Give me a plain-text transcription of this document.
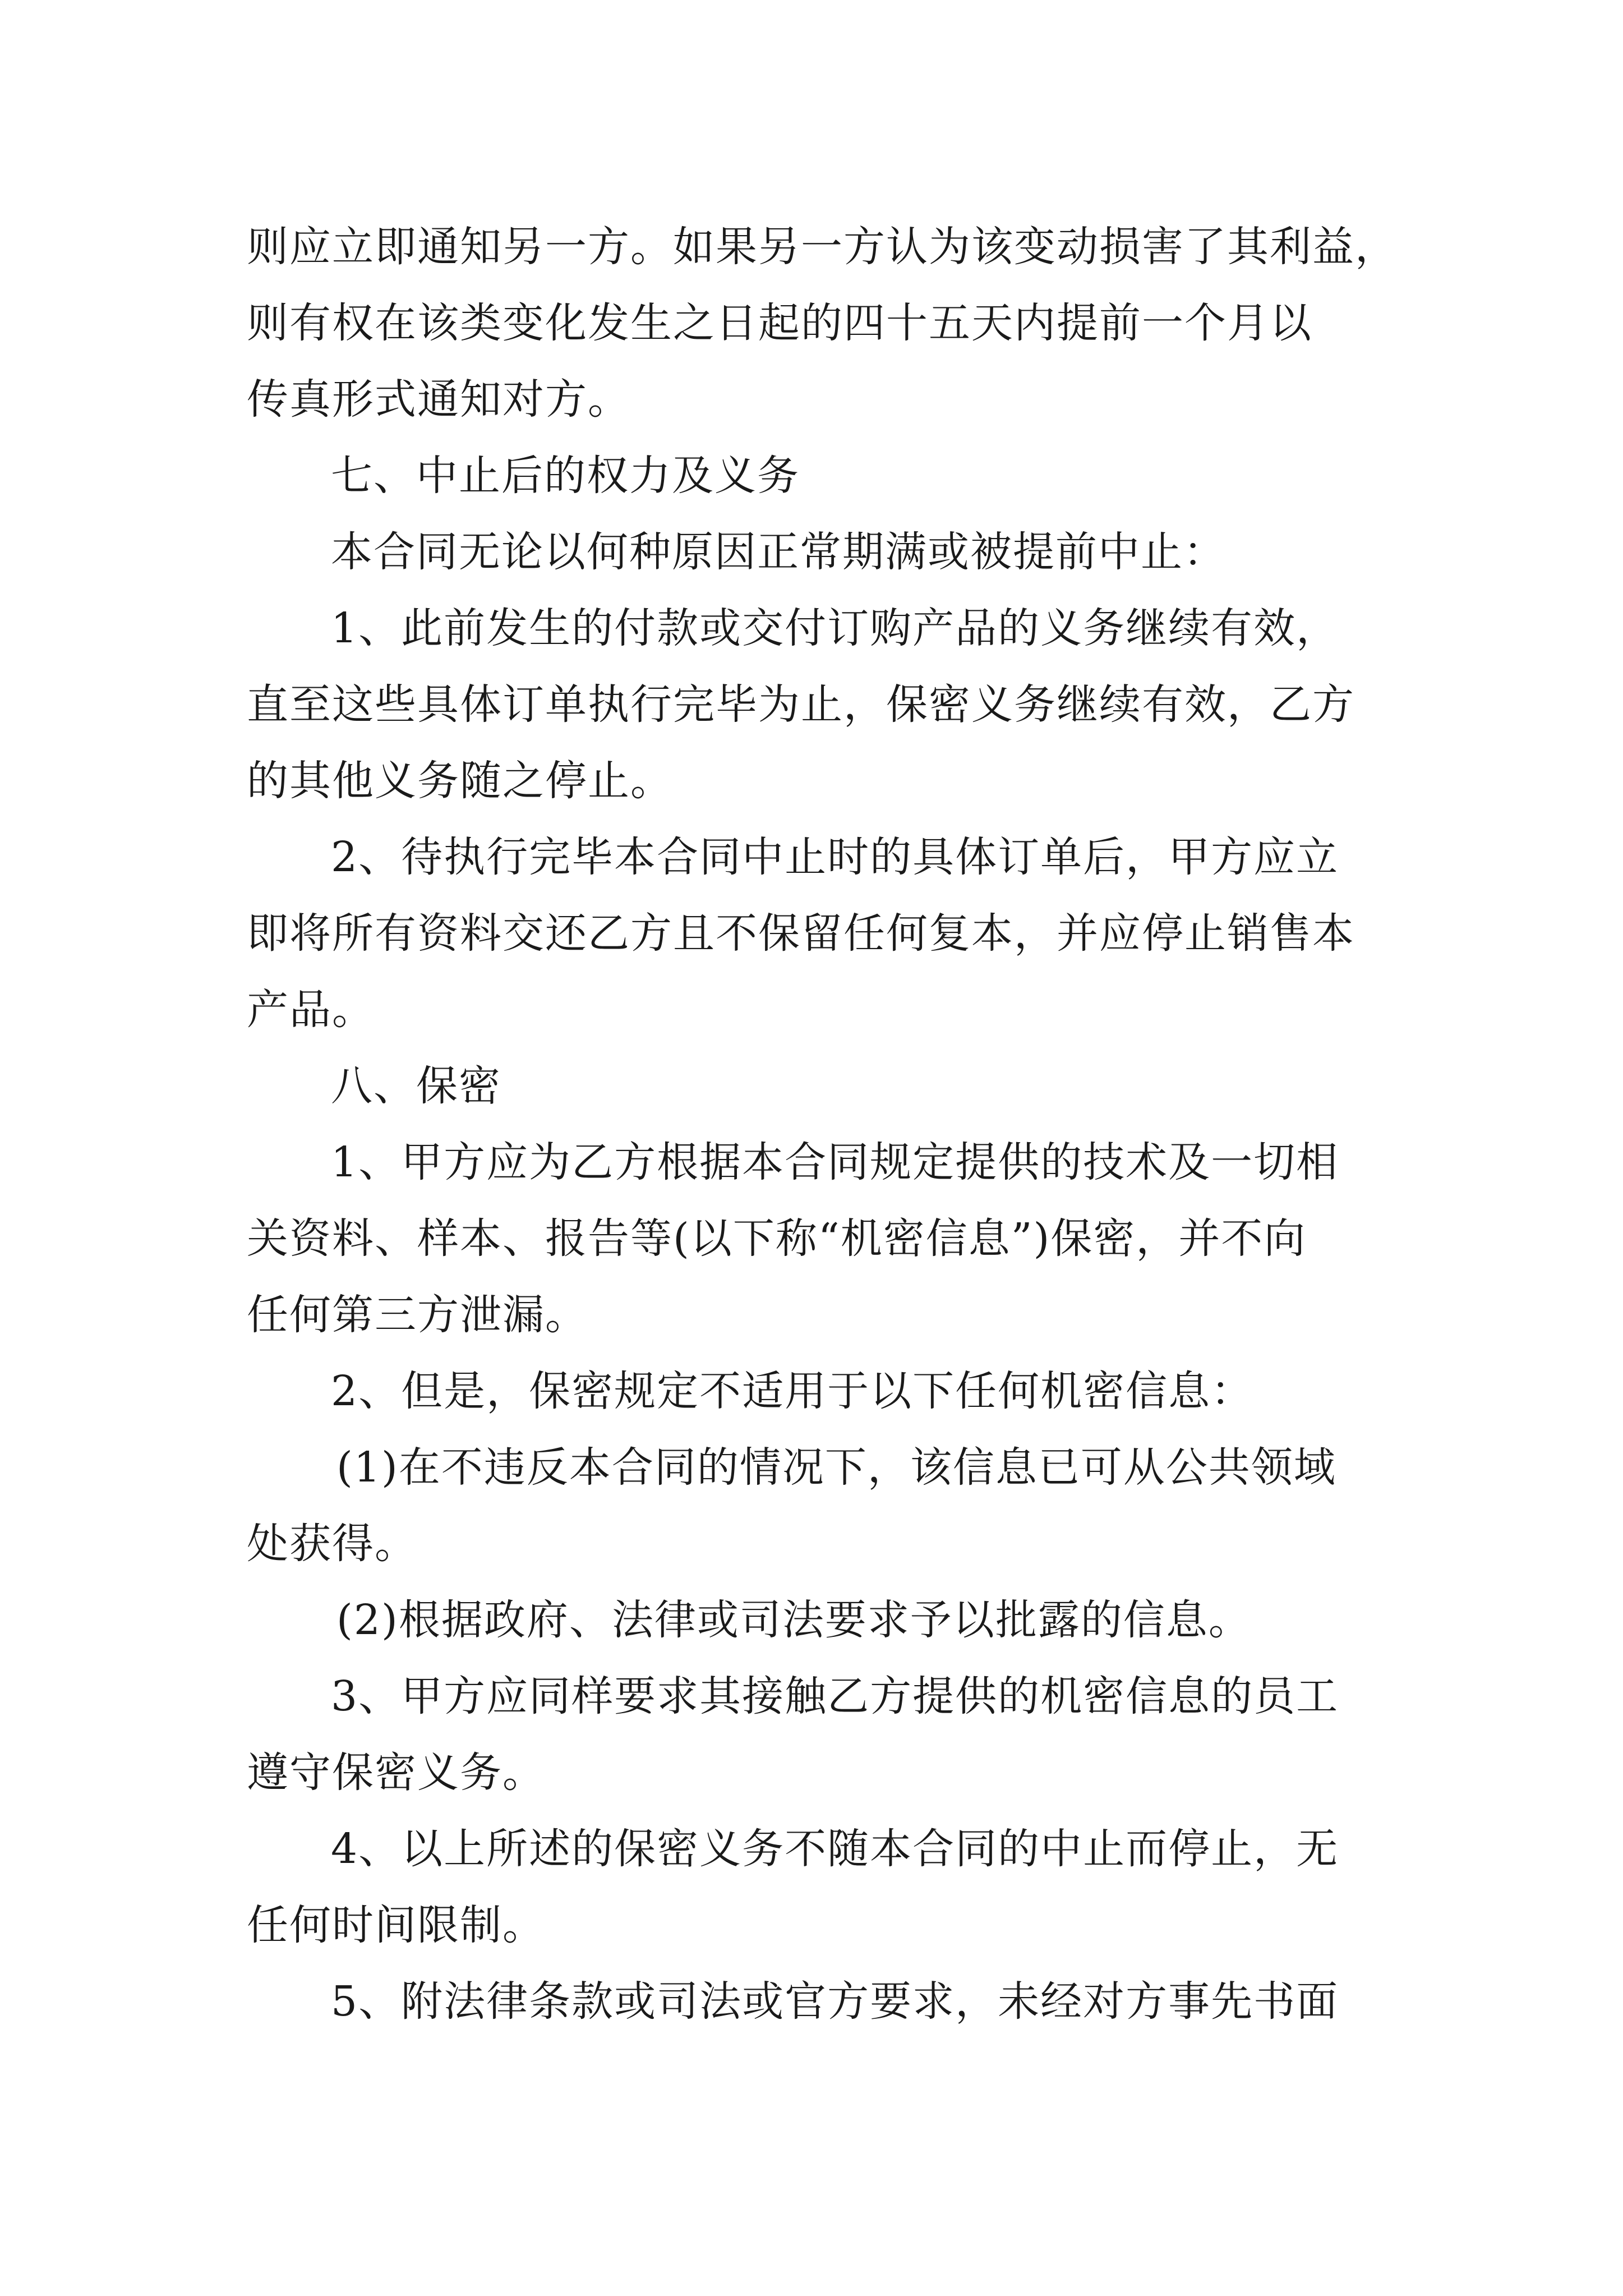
则应立即通知另一方。如果另一方认为该变动损害了其利益，
则有权在该类变化发生之日起的四十五天内提前一个月以
传真形式通知对方。
七、中止后的权力及义务
本合同无论以何种原因正常期满或被提前中止：
1、此前发生的付款或交付订购产品的义务继续有效，
直至这些具体订单执行完毕为止，保密义务继续有效，乙方
的其他义务随之停止。
2、待执行完毕本合同中止时的具体订单后，甲方应立
即将所有资料交还乙方且不保留任何复本，并应停止销售本
产品。
八、保密
1、甲方应为乙方根据本合同规定提供的技术及一切相
关资料、样本、报告等(以下称“机密信息”)保密，并不向
任何第三方泄漏。
2、但是，保密规定不适用于以下任何机密信息：
(1)在不违反本合同的情况下，该信息已可从公共领域
处获得。
(2)根据政府、法律或司法要求予以批露的信息。
3、甲方应同样要求其接触乙方提供的机密信息的员工
遵守保密义务。
4、以上所述的保密义务不随本合同的中止而停止，无
任何时间限制。
5、附法律条款或司法或官方要求，未经对方事先书面
